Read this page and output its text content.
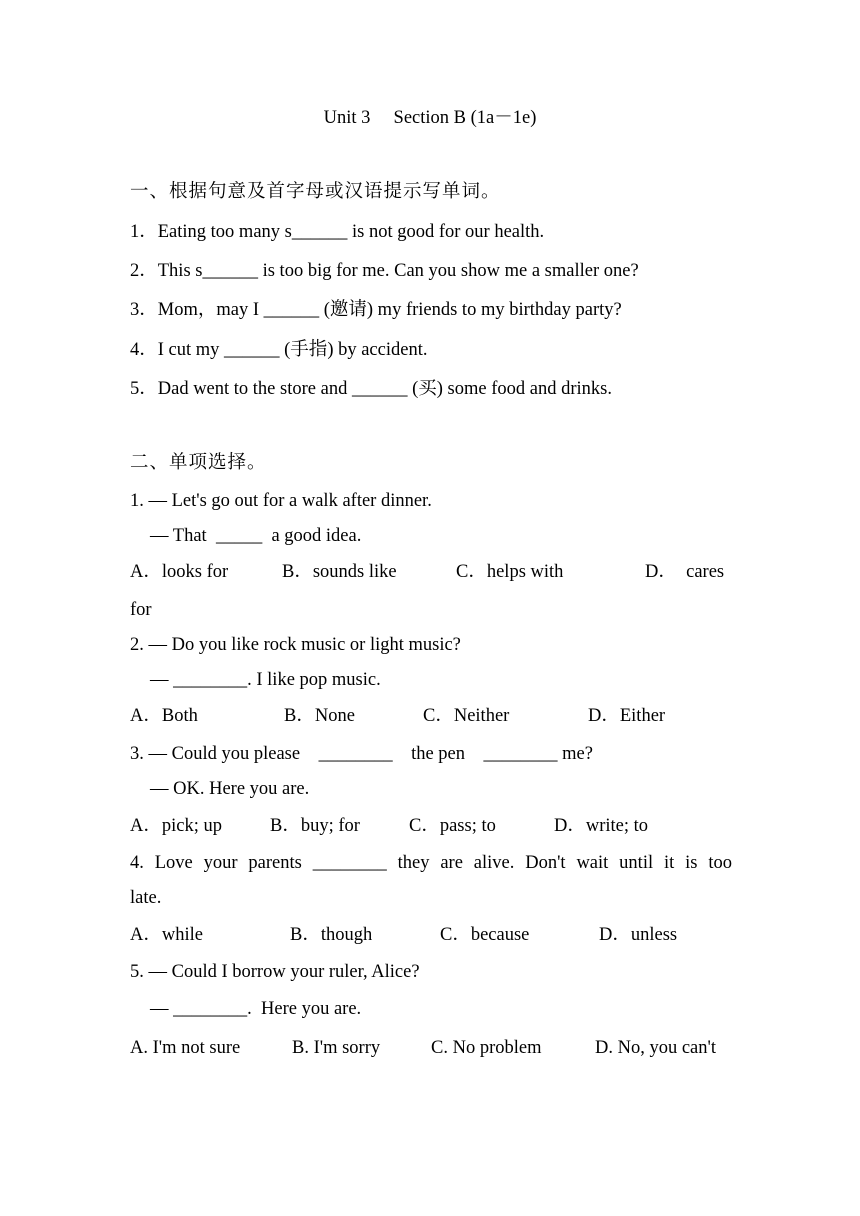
Unit 3　 Section B (1a－1e)

一、根据句意及首字母或汉语提示写单词。

1．Eating too many s______ is not good for our health.

2．This s______ is too big for me. Can you show me a smaller one?

3．Mom，may I ______ (邀请) my friends to my birthday party?

4．I cut my ______ (手指) by accident.

5．Dad went to the store and ______ (买) some food and drinks.

二、单项选择。

1. — Let's go out for a walk after dinner.

— That  _____  a good idea.

A．looks for	B．sounds like	C．helps with	D．  cares

for

2. — Do you like rock music or light music?

— ________. I like pop music.

A．Both	B．None	C．Neither	D．Either

3. — Could you please    ________    the pen    ________ me?

— OK. Here you are.

A．pick; up	B．buy; for	C．pass; to	D．write; to

4. Love your parents ________ they are alive. Don't wait until it is too

late.

A．while	B．though	C．because	D．unless

5. — Could I borrow your ruler, Alice?

— ________.  Here you are.

A. I'm not sure	B. I'm sorry	C. No problem	D. No, you can't
